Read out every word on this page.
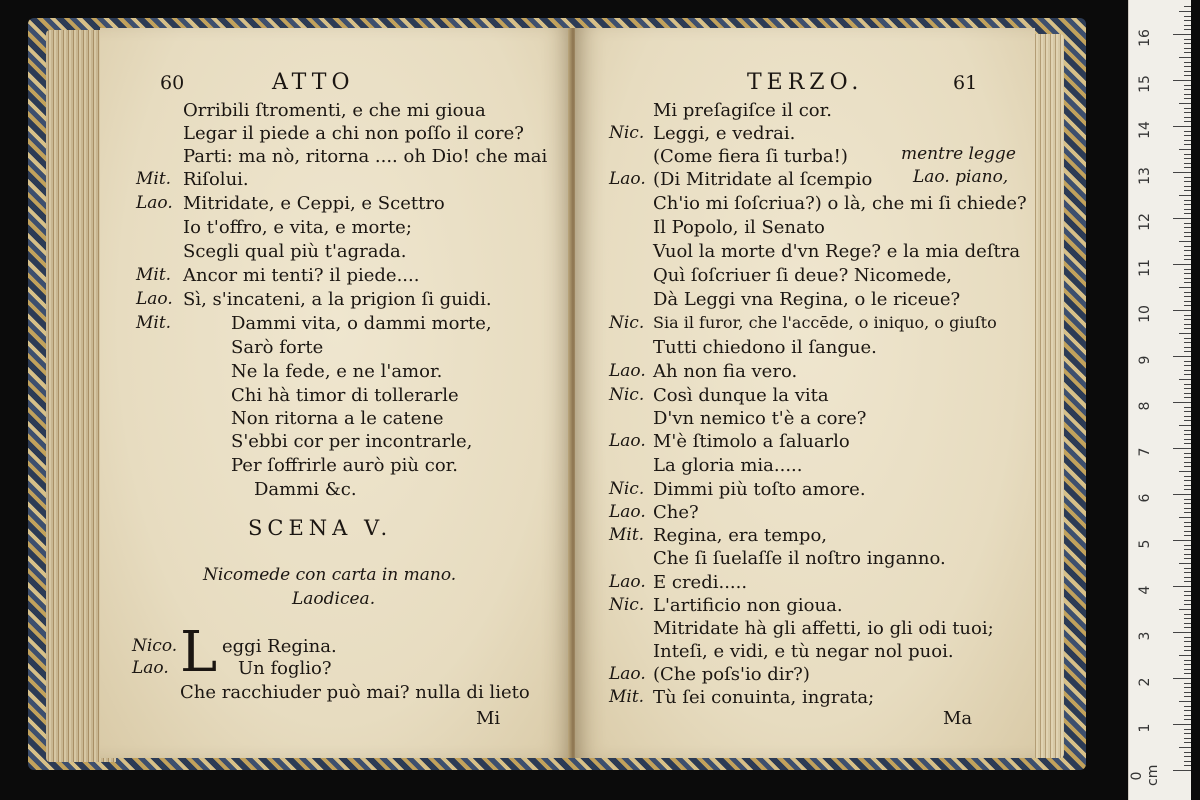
60	ATTO
Orribili ſtromenti, e che mi gioua
Legar il piede a chi non poſſo il core?
Parti: ma nò, ritorna .... oh Dio! che mai
Mit. Riſolui.
Lao. Mitridate, e Ceppi, e Scettro
Io t'offro, e vita, e morte;
Scegli qual più t'agrada.
Mit. Ancor mi tenti? il piede....
Lao. Sì, s'incateni, a la prigion ſi guidi.
Mit.	Dammi vita, o dammi morte,
Sarò forte
Ne la fede, e ne l'amor.
Chi hà timor di tollerarle
Non ritorna a le catene
S'ebbi cor per incontrarle,
Per ſoffrirle aurò più cor.
Dammi &c.
SCENA V.
Nicomede con carta in mano.
Laodicea.
L
Nico. eggi Regina.
Lao.	Un foglio?
Che racchiuder può mai? nulla di lieto
Mi
TERZO.	61
Mi preſagiſce il cor.
Nic. Leggi, e vedrai.
(Come fiera ſi turba!)	mentre legge
Lao. (Di Mitridate al ſcempio Lao. piano,
Ch'io mi ſoſcriua?) o là, che mi ſi chiede?
Il Popolo, il Senato
Vuol la morte d'vn Rege? e la mia deſtra
Quì ſoſcriuer ſi deue? Nicomede,
Dà Leggi vna Regina, o le riceue?
Nic. Sia il furor, che l'accēde, o iniquo, o giuſto
Tutti chiedono il ſangue.
Lao. Ah non fia vero.
Nic. Così dunque la vita
D'vn nemico t'è a core?
Lao. M'è ſtimolo a ſaluarlo
La gloria mia.....
Nic. Dimmi più toſto amore.
Lao. Che?
Mit. Regina, era tempo,
Che ſi ſuelaſſe il noſtro inganno.
Lao. E credi.....
Nic. L'artificio non gioua.
Mitridate hà gli affetti, io gli odi tuoi;
Inteſi, e vidi, e tù negar nol puoi.
Lao. (Che poſs'io dir?)
Mit. Tù ſei conuinta, ingrata;
Ma
0 cm
1
2
3
4
5
6
7
8
9
10
11
12
13
14
15
16
